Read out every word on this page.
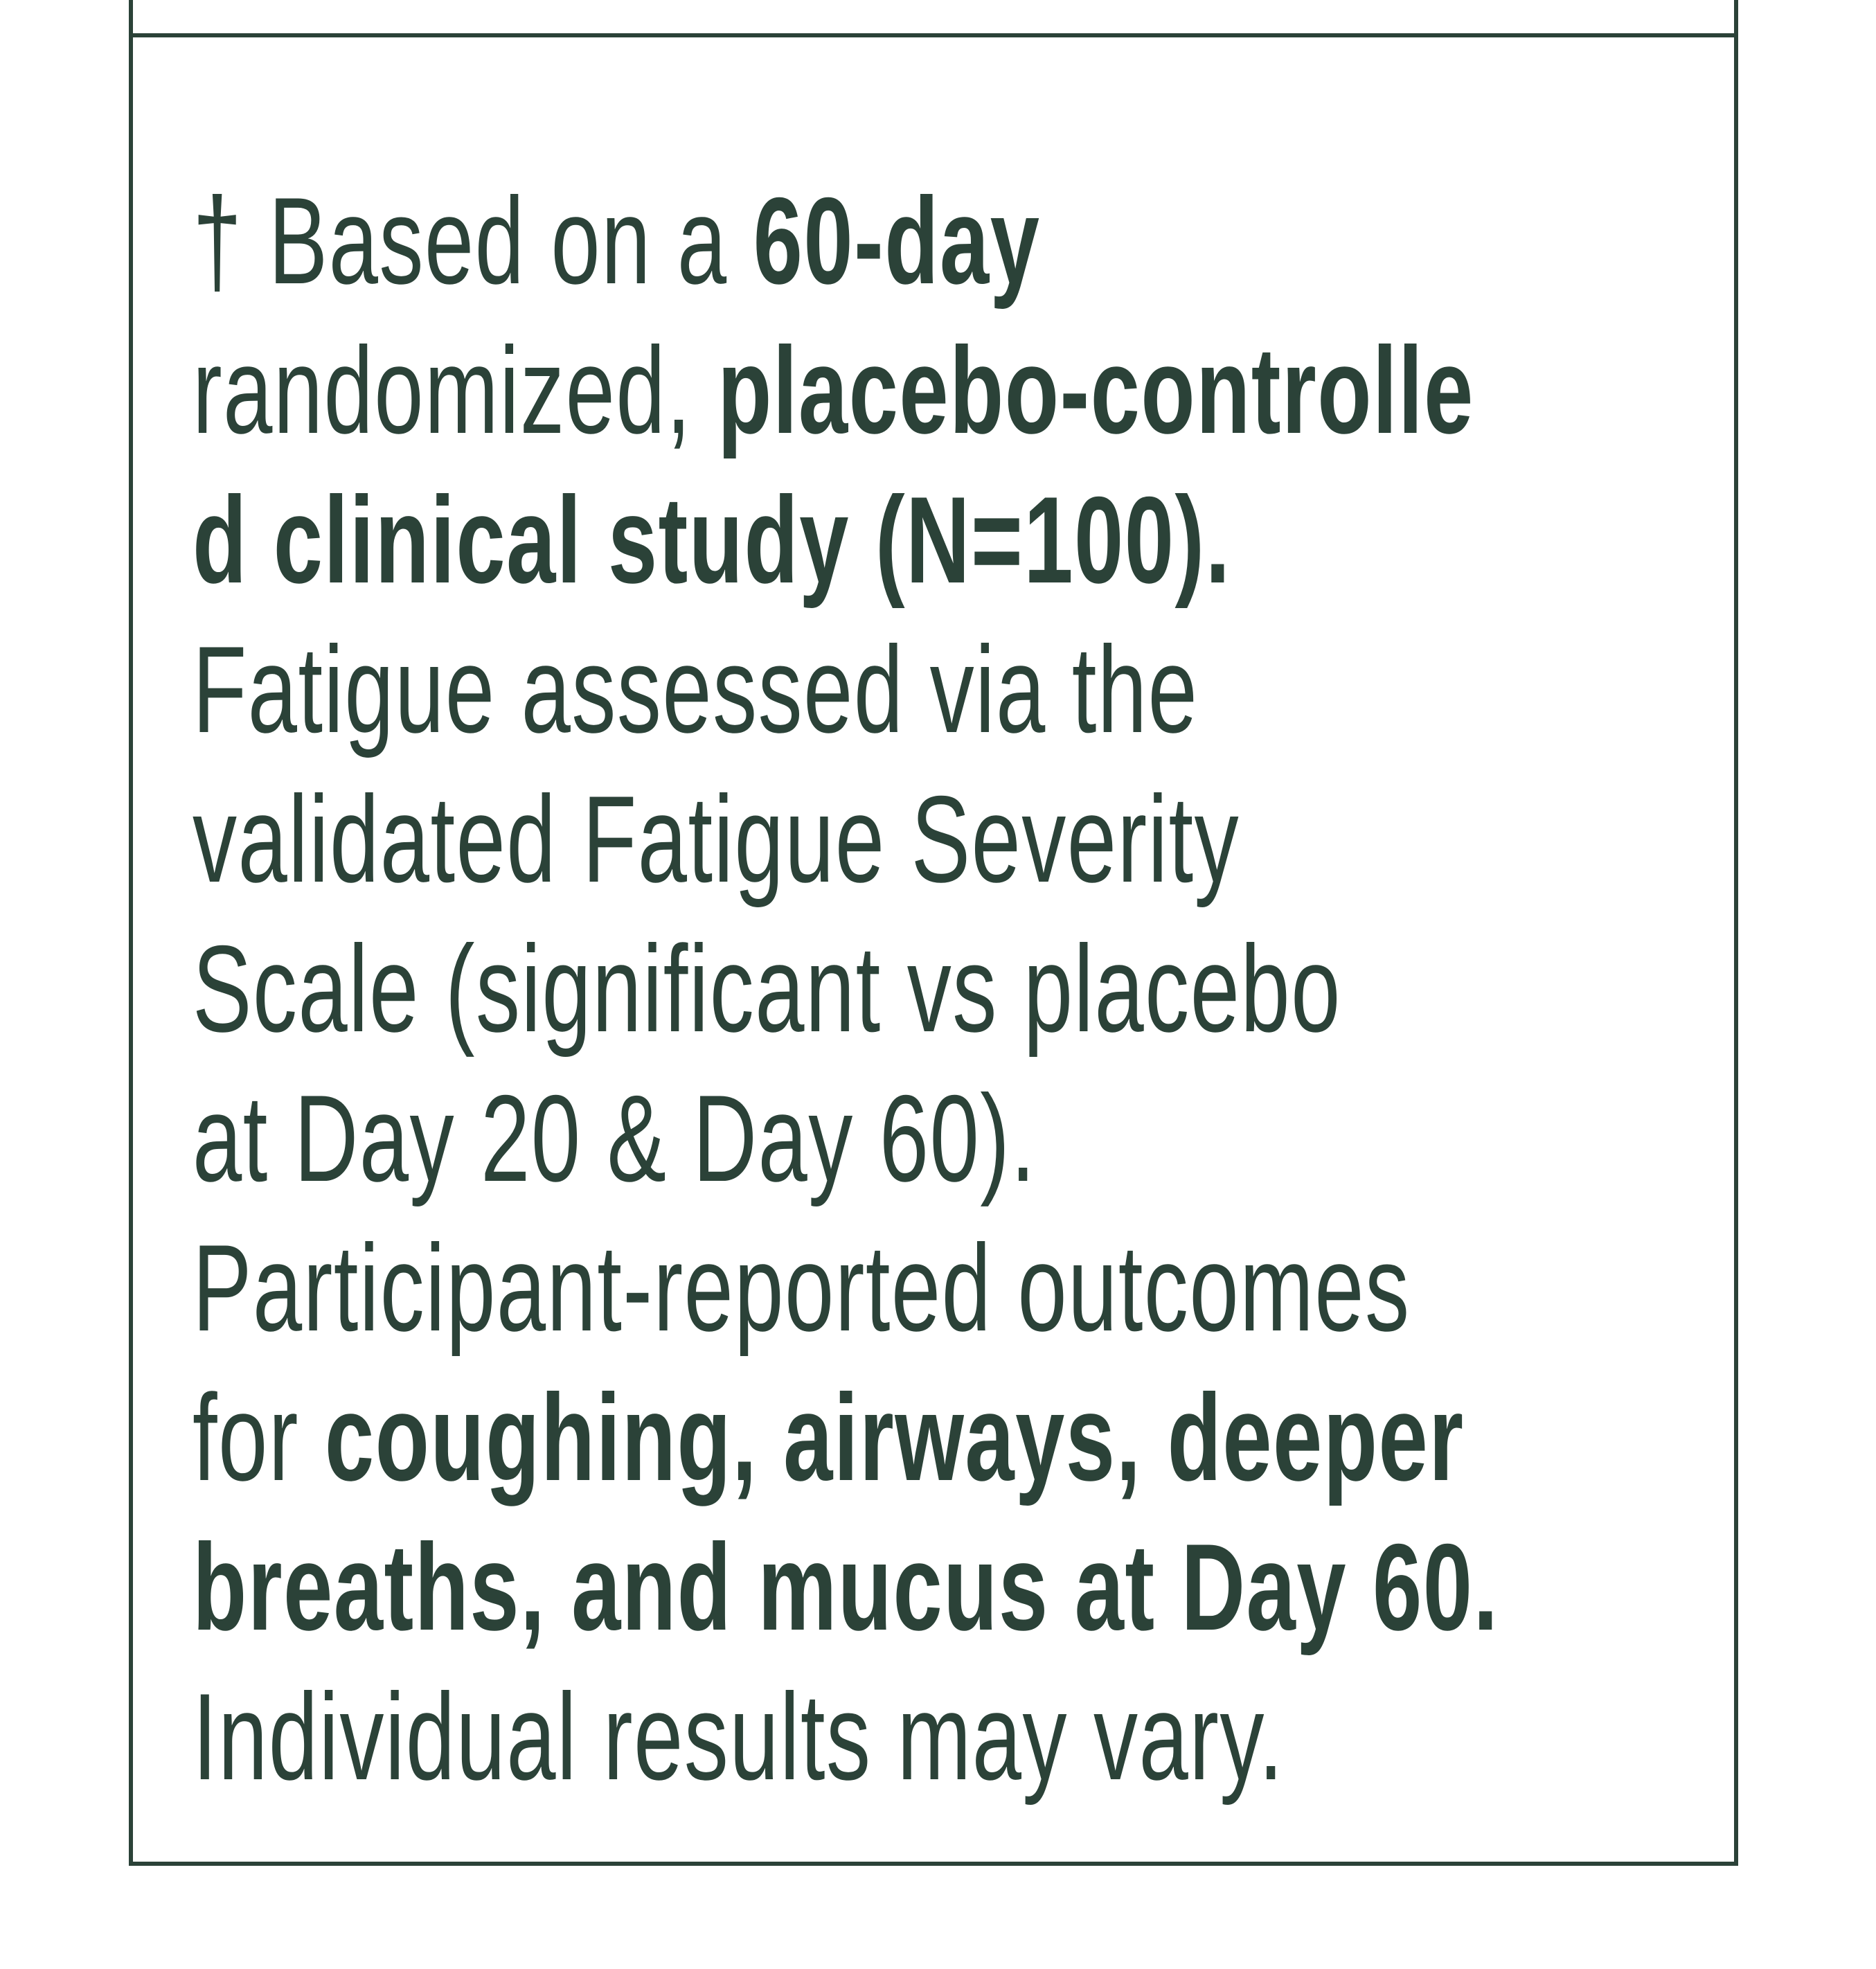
† Based on a 60-day
randomized, placebo-controlle
d clinical study (N=100).
Fatigue assessed via the
validated Fatigue Severity
Scale (significant vs placebo
at Day 20 & Day 60).
Participant-reported outcomes
for coughing, airways, deeper
breaths, and mucus at Day 60.
Individual results may vary.
